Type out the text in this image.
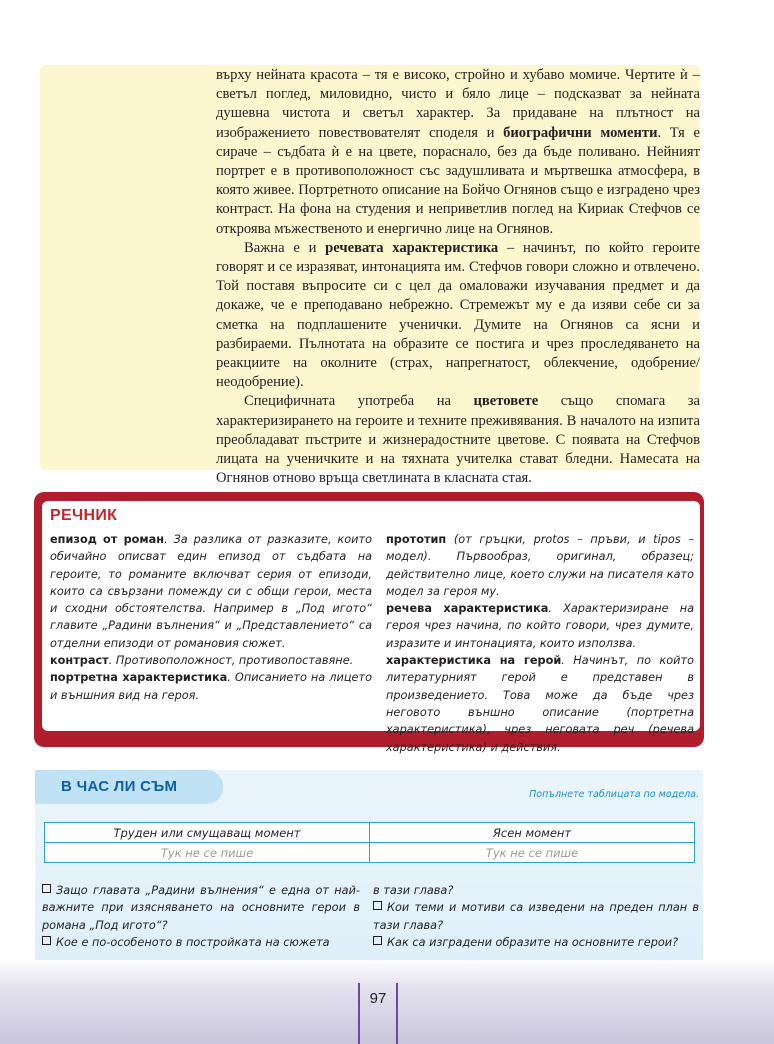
върху нейната красота – тя е високо, стройно и хубаво момиче. Чертите ѝ – светъл поглед, миловидно, чисто и бяло лице – подсказват за нейната душевна чистота и светъл характер. За придаване на плътност на изображението повествователят споделя и биографични моменти. Тя е сираче – съдбата ѝ е на цвете, пораснало, без да бъде поливано. Нейният портрет е в противоположност със задушливата и мъртвешка атмосфера, в която живее. Портретното описание на Бойчо Огнянов също е изградено чрез контраст. На фона на студения и неприветлив поглед на Кириак Стефчов се откроява мъжественото и енергично лице на Огнянов.

Важна е и речевата характеристика – начинът, по който героите говорят и се изразяват, интонацията им. Стефчов говори сложно и отвлечено. Той поставя въпросите си с цел да омаловажи изучавания предмет и да докаже, че е преподавано небрежно. Стремежът му е да изяви себе си за сметка на подплашените ученички. Думите на Огнянов са ясни и разбираеми. Пълнотата на образите се постига и чрез проследяването на реакциите на околните (страх, напрегнатост, облекчение, одобрение/ неодобрение).

Специфичната употреба на цветовете също спомага за характеризирането на героите и техните преживявания. В началото на изпита преобладават пъстрите и жизнерадостните цветове. С появата на Стефчов лицата на ученичките и на тяхната учителка стават бледни. Намесата на Огнянов отново връща светлината в класната стая.

РЕЧНИК

епизод от роман. За разлика от разказите, които обичайно описват един епизод от съдбата на героите, то романите включват серия от епизоди, които са свързани помежду си с общи герои, места и сходни обстоятелства. Например в „Под игото“ главите „Радини вълнения“ и „Представлението“ са отделни епизоди от романовия сюжет.

контраст. Противоположност, противопоставяне.

портретна характеристика. Описанието на лицето и външния вид на героя.

прототип (от гръцки, protos – пръви, и tipos – модел). Първообраз, оригинал, образец; действително лице, което служи на писателя като модел за героя му.

речева характеристика. Характеризиране на героя чрез начина, по който говори, чрез думите, изразите и интонацията, които използва.

характеристика на герой. Начинът, по който литературният герой е представен в произведението. Това може да бъде чрез неговото външно описание (портретна характеристика), чрез неговата реч (речева характеристика) и действия.

В ЧАС ЛИ СЪМ	Попълнете таблицата по модела.
Труден или смущаващ момент	Ясен момент
Тук не се пише	Тук не се пише

Защо главата „Радини вълнения“ е една от най-важните при изясняването на основните герои в романа „Под игото“?

Кое е по-особеното в постройката на сюжета

в тази глава?

Кои теми и мотиви са изведени на преден план в тази глава?

Как са изградени образите на основните герои?

97
